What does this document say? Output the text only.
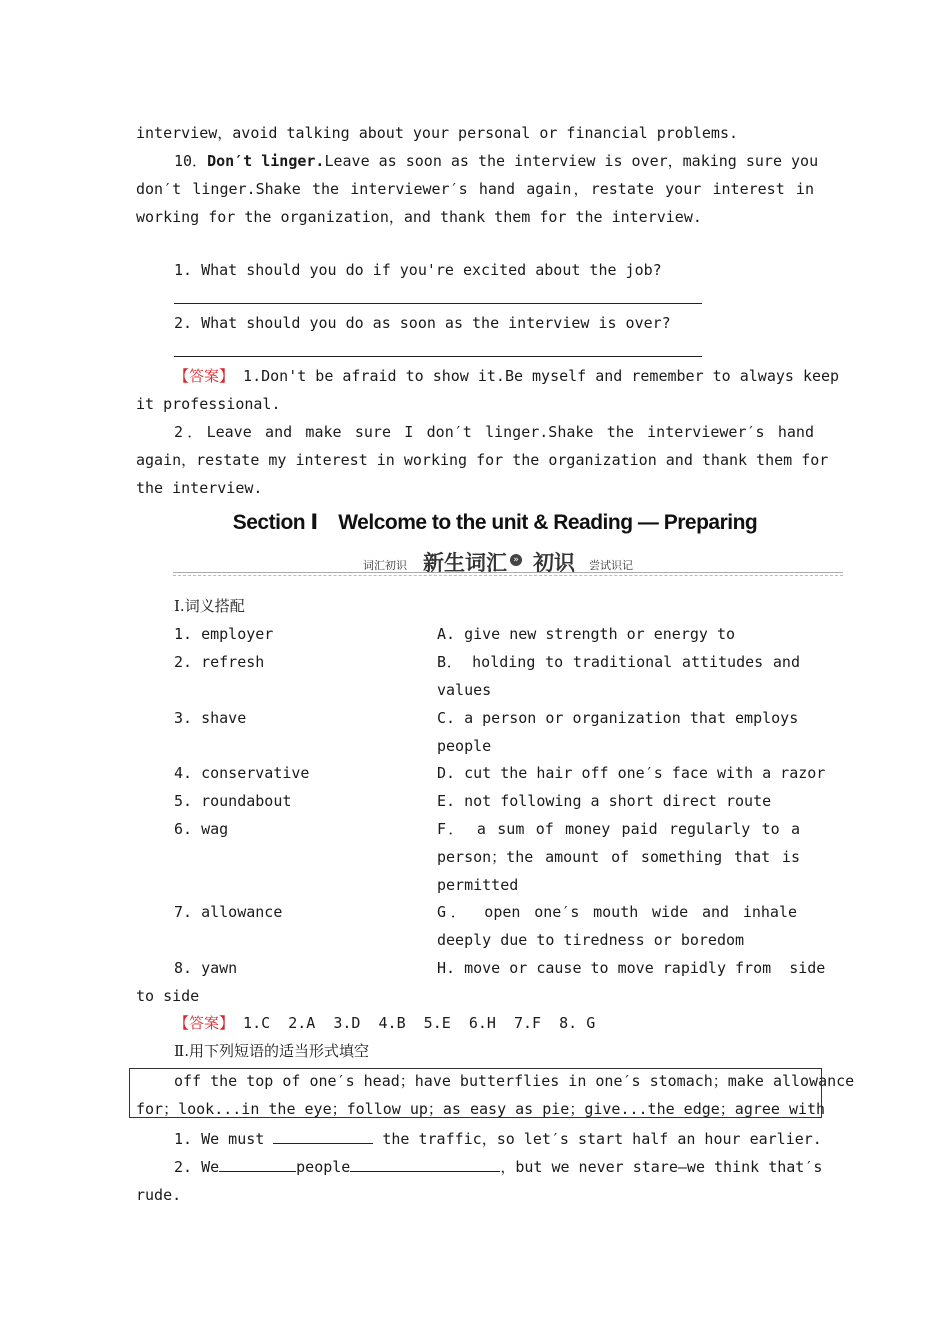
interview，avoid talking about your personal or financial problems.
10．Don′t linger.Leave as soon as the interview is over，making sure you
don′t linger.Shake the interviewer′s hand again，restate your interest in
working for the organization，and thank them for the interview.
1. What should you do if you're excited about the job?
2. What should you do as soon as the interview is over?
【答案】 1.Don't be afraid to show it.Be myself and remember to always keep
it professional.
2．Leave and make sure I don′t linger.Shake the interviewer′s hand
again，restate my interest in working for the organization and thank them for
the interview.
Section Ⅰ　Welcome to the unit & Reading — Preparing
词汇初识 新生词汇 » 初识 尝试识记
Ⅰ.词义搭配
1. employer	A. give new strength or energy to
2. refresh	B． holding to traditional attitudes and
values
3. shave	C. a person or organization that employs
people
4. conservative	D. cut the hair off one′s face with a razor
5. roundabout	E. not following a short direct route
6. wag	F． a sum of money paid regularly to a
person；the amount of something that is
permitted
7. allowance	G． open one′s mouth wide and inhale
deeply due to tiredness or boredom
8. yawn	H. move or cause to move rapidly from  side
to side
【答案】 1.C  2.A  3.D  4.B  5.E  6.H  7.F  8. G
Ⅱ.用下列短语的适当形式填空
off the top of one′s head；have butterflies in one′s stomach；make allowance
for；look...in the eye；follow up；as easy as pie；give...the edge；agree with
1. We must	the traffic，so let′s start half an hour earlier.
2. We	people	，but we never stare—we think that′s
rude.
